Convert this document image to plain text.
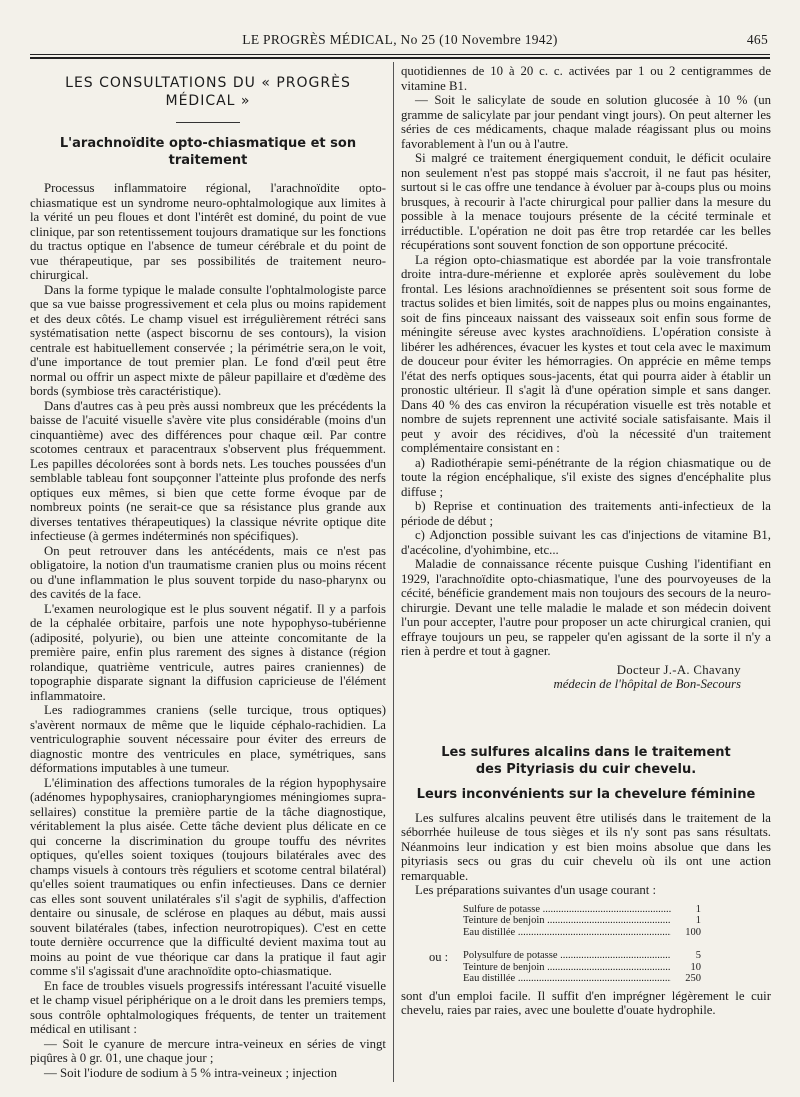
LE PROGRÈS MÉDICAL, No 25 (10 Novembre 1942)	465
LES CONSULTATIONS DU « PROGRÈS MÉDICAL »
L'arachnoïdite opto-chiasmatique et son traitement

Processus inflammatoire régional, l'arachnoïdite opto-chiasmatique est un syndrome neuro-ophtalmologique aux limites à la vérité un peu floues et dont l'intérêt est dominé, du point de vue clinique, par son retentissement toujours dramatique sur les fonctions du tractus optique en l'absence de tumeur cérébrale et du point de vue thérapeutique, par ses possibilités de traitement neuro-chirurgical.

Dans la forme typique le malade consulte l'ophtalmologiste parce que sa vue baisse progressivement et cela plus ou moins rapidement et des deux côtés. Le champ visuel est irrégulièrement rétréci sans systématisation nette (aspect biscornu de ses contours), la vision centrale est habituellement conservée ; la périmétrie sera,on le voit, d'une importance de tout premier plan. Le fond d'œil peut être normal ou offrir un aspect mixte de pâleur papillaire et d'œdème des bords (symbiose très caractéristique).

Dans d'autres cas à peu près aussi nombreux que les précédents la baisse de l'acuité visuelle s'avère vite plus considérable (moins d'un cinquantième) avec des différences pour chaque œil. Par contre scotomes centraux et paracentraux s'observent plus fréquemment. Les papilles décolorées sont à bords nets. Les touches poussées d'un semblable tableau font soupçonner l'atteinte plus profonde des nerfs optiques eux mêmes, si bien que cette forme évoque par de nombreux points (ne serait-ce que sa résistance plus grande aux diverses tentatives thérapeutiques) la classique névrite optique dite infectieuse (à germes indéterminés non spécifiques).

On peut retrouver dans les antécédents, mais ce n'est pas obligatoire, la notion d'un traumatisme cranien plus ou moins récent ou d'une inflammation le plus souvent torpide du naso-pharynx ou des cavités de la face.

L'examen neurologique est le plus souvent négatif. Il y a parfois de la céphalée orbitaire, parfois une note hypophyso-tubérienne (adiposité, polyurie), ou bien une atteinte concomitante de la première paire, enfin plus rarement des signes à distance (région rolandique, quatrième ventricule, autres paires craniennes) de topographie disparate signant la diffusion capricieuse de l'élément inflammatoire.

Les radiogrammes craniens (selle turcique, trous optiques) s'avèrent normaux de même que le liquide céphalo-rachidien. La ventriculographie souvent nécessaire pour éviter des erreurs de diagnostic montre des ventricules en place, symétriques, sans déformations imputables à une tumeur.

L'élimination des affections tumorales de la région hypophysaire (adénomes hypophysaires, craniopharyngiomes méningiomes supra-sellaires) constitue la première partie de la tâche diagnostique, véritablement la plus aisée. Cette tâche devient plus délicate en ce qui concerne la discrimination du groupe touffu des névrites optiques, qu'elles soient toxiques (toujours bilatérales avec des champs visuels à contours très réguliers et scotome central bilatéral) qu'elles soient traumatiques ou enfin infectieuses. Dans ce dernier cas elles sont souvent unilatérales s'il s'agit de syphilis, d'affection dentaire ou sinusale, de sclérose en plaques au début, mais aussi souvent bilatérales (tabes, infection neurotropiques). C'est en cette toute dernière occurrence que la difficulté devient maxima tout au moins au point de vue théorique car dans la pratique il faut agir comme s'il s'agissait d'une arachnoïdite opto-chiasmatique.

En face de troubles visuels progressifs intéressant l'acuité visuelle et le champ visuel périphérique on a le droit dans les premiers temps, sous contrôle ophtalmologiques fréquents, de tenter un traitement médical en utilisant :

— Soit le cyanure de mercure intra-veineux en séries de vingt piqûres à 0 gr. 01, une chaque jour ;

— Soit l'iodure de sodium à 5 % intra-veineux ; injection

quotidiennes de 10 à 20 c. c. activées par 1 ou 2 centigrammes de vitamine B1.

— Soit le salicylate de soude en solution glucosée à 10 % (un gramme de salicylate par jour pendant vingt jours). On peut alterner les séries de ces médicaments, chaque malade réagissant plus ou moins favorablement à l'un ou à l'autre.

Si malgré ce traitement énergiquement conduit, le déficit oculaire non seulement n'est pas stoppé mais s'accroit, il ne faut pas hésiter, surtout si le cas offre une tendance à évoluer par à-coups plus ou moins brusques, à recourir à l'acte chirurgical pour pallier dans la mesure du possible à la menace toujours présente de la cécité terminale et irréductible. L'opération ne doit pas être trop retardée car les belles récupérations sont souvent fonction de son opportune précocité.

La région opto-chiasmatique est abordée par la voie transfrontale droite intra-dure-mérienne et explorée après soulèvement du lobe frontal. Les lésions arachnoïdiennes se présentent soit sous forme de tractus solides et bien limités, soit de nappes plus ou moins engainantes, soit de fins pinceaux naissant des vaisseaux soit enfin sous forme de méningite séreuse avec kystes arachnoïdiens. L'opération consiste à libérer les adhérences, évacuer les kystes et tout cela avec le maximum de douceur pour éviter les hémorragies. On apprécie en même temps l'état des nerfs optiques sous-jacents, état qui pourra aider à établir un pronostic ultérieur. Il s'agit là d'une opération simple et sans danger. Dans 40 % des cas environ la récupération visuelle est très notable et nombre de sujets reprennent une activité sociale satisfaisante. Mais il peut y avoir des récidives, d'où la nécessité d'un traitement complémentaire consistant en :

a) Radiothérapie semi-pénétrante de la région chiasmatique ou de toute la région encéphalique, s'il existe des signes d'encéphalite plus diffuse ;

b) Reprise et continuation des traitements anti-infectieux de la période de début ;

c) Adjonction possible suivant les cas d'injections de vitamine B1, d'acécoline, d'yohimbine, etc...

Maladie de connaissance récente puisque Cushing l'identifiant en 1929, l'arachnoïdite opto-chiasmatique, l'une des pourvoyeuses de la cécité, bénéficie grandement mais non toujours des secours de la neuro-chirurgie. Devant une telle maladie le malade et son médecin doivent l'un pour accepter, l'autre pour proposer un acte chirurgical cranien, qui effraye toujours un peu, se rappeler qu'en agissant de la sorte il n'y a rien à perdre et tout à gagner.

Docteur J.-A. Chavany
médecin de l'hôpital de Bon-Secours
Les sulfures alcalins dans le traitement
des Pityriasis du cuir chevelu.
Leurs inconvénients sur la chevelure féminine

Les sulfures alcalins peuvent être utilisés dans le traitement de la séborrhée huileuse de tous sièges et ils n'y sont pas sans résultats. Néanmoins leur indication y est bien moins absolue que dans les pityriasis secs ou gras du cuir chevelu où ils ont une action remarquable.

Les préparations suivantes d'un usage courant :

Sulfure de potasse .....	1
Teinture de benjoin .....	1
Eau distillée .....	100
ou : Polysulfure de potasse .....	5
Teinture de benjoin .....	10
Eau distillée .....	250

sont d'un emploi facile. Il suffit d'en imprégner légèrement le cuir chevelu, raies par raies, avec une boulette d'ouate hydrophile.
